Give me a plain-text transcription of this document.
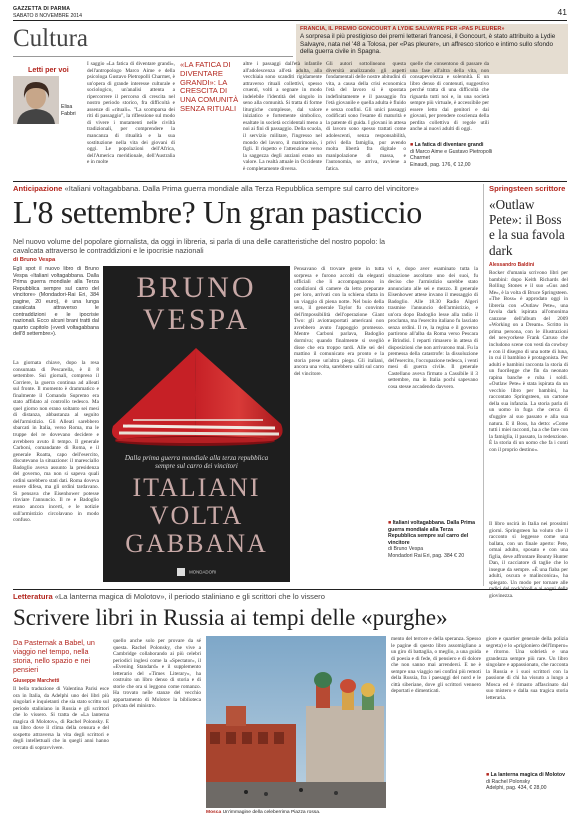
GAZZETTA DI PARMA
SABATO 8 NOVEMBRE 2014	41
Cultura	FRANCIA, IL PREMIO GONCOURT A LYDIE SALVAYRE PER «PAS PLEURER»
A sorpresa il più prestigioso dei premi letterari francesi, il Goncourt, è stato attribuito a Lydie Salvayre, nata nel '48 a Tolosa, per «Pas pleurer», un affresco storico e intimo sullo sfondo della guerra civile in Spagna.
Letti per voi
Elisa Fabbri
I saggio «La fatica di diventare grandi», dell'antropologo Marco Aime e della psicologa Gustavo Pietropolli Charmet, è un'opera di grande interesse culturale e sociologico, un'analisi attenta a ripercorrere il percorso di crescita nel nostro periodo storico, fra difficoltà e assenze di «rituali». "La scomparsa dei riti di passaggio", la riflessione sul modo di vivere i mutamenti nelle civiltà tradizionali, per comprendere la mancanza di ritualità e la sua sostituzione nella vita dei giovani di oggi. Le popolazioni dell'Africa, dell'America meridionale, dell'Australia e in molte
«LA FATICA DI DIVENTARE GRANDI»: LA CRESCITA DI UNA COMUNITÀ SENZA RITUALI
altre i passaggi dall'età infantile all'adolescenza all'età adulta, alla vecchiaia sono scanditi rigidamente attraverso rituali collettivi, spesso cruenti, volti a segnare in modo indelebile l'identità del singolo in seno alla comunità. Si tratta di forme liturgiche complesse, dal valore iniziatico e fortemente simbolico, esaltate in società occidentali meno a noi ai fini di passaggio. Della scuola, il servizio militare, l'ingresso nel mondo del lavoro, il matrimonio, i figli. Il rispetto e l'attenzione verso la saggezza degli anziani erano un valore. La realtà attuale in Occidente è completamente diversa.
Gli autori sottolineano questa diversità analizzando gli aspetti fondamentali delle nostre abitudini di vita, a causa della crisi economica l'età del lavoro si è spostata indefinitamente e il passaggio fra l'età giovanile e quella adulta è fluido e senza confini. Gli unici passaggi codificati sono l'esame di maturità e la patente di guida. I giovani in attesa di lavoro sono spesso trattati come adolescenti, senza responsabilità, privi della famiglia, pur avendo molta libertà fra digitale o manipolazione di massa, e l'autonomia, se arriva, avviene a fatica.
quelle che consentono di passare da una fase all'altra della vita, non consapevolezza e solennità. E un libro denso di contenuti, suggestivo perché tratta di una difficoltà che riguarda tutti noi e, in una società sempre più virtuale, è accessibile per essere letto dai genitori e dai giovani, per prendere coscienza della perdita collettiva di regole utili anche ai nuovi adulti di oggi.
■ La fatica di diventare grandi
di Marco Aime e Gustavo Pietropolli Charmet
Einaudi, pag. 176, € 12,00
Anticipazione «Italiani voltagabbana. Dalla Prima guerra mondiale alla Terza Repubblica sempre sul carro del vincitore»
L'8 settembre? Un gran pasticcio
Nel nuovo volume del popolare giornalista, da oggi in libreria, si parla di una delle caratteristiche del nostro popolo: la cavalcata attraverso le contraddizioni e le ipocrisie nazionali
di Bruno Vespa
Egli spot il nuovo libro di Bruno Vespa «Italiani voltagabbana. Dalla Prima guerra mondiale alla Terza Repubblica sempre sul carro del vincitore» (Mondadori-Rai Eri, 384 pagine, 20 euro), è una lunga cavalcata attraverso le contraddizioni e le ipocrisie nazionali. Ecco alcuni brani tratti dal quarto capitolo («vedi voltagabbana dell'8 settembre»).
La giornata chiave, dopo la resa consumata di Pescarella, è il 8 settembre. Sui giornali, compreso il Corriere, la guerra continua ad alleati sul fronte. Il momento è drammatico e finalmente il Comando Supremo era stato affidato al controllo tedesco. Ma quel giorno non erano soltanto sei mesi di distanza, abbastanza al seguito dell'armistizio. Gli Alleati sarebbero sbarcati in Italia, verso Roma, ma le truppe del re dovevano decidere e avrebbero avuto il tempo. Il generale Carboni, comandante di Roma, e il generale Roatta, capo dell'esercito, discutevano la situazione: il maresciallo Badoglio aveva assunto la presidenza del governo, ma non si sapeva quali ordini sarebbero stati dati. Roma doveva essere difesa, ma gli ordini tardavano. Si pensava che Eisenhower potesse rinviare l'annuncio. Il re e Badoglio erano ancora incerti, e le notizie sull'armistizio circolavano in modo confuso.
BRUNO
VESPA
Dalla prima guerra mondiale alla terza repubblica sempre sul carro dei vincitori
ITALIANI
VOLTA
GABBANA
MONDADORI
Pensavano di trovare gente in tutta sorpresa e furono accolti da eleganti ufficiali che li accompagnarono in condizioni di camere da letto preparate per loro, arrivati con la schiena sfatta in un viaggio di piena notte. Nel buio della sera, il generale Taylor fu convinto dell'impossibilità dell'operazione Giant Two: gli aviotrasportati americani non avrebbero avuto l'appoggio promesso. Mentre Carboni parlava, Badoglio dormiva; quando finalmente si svegliò disse che era troppo tardi. Alle sei del mattino il comunicato era pronto e la storia prese un'altra piega. Gli italiani, ancora una volta, sarebbero saliti sul carro del vincitore.
vi e, dopo aver esaminato tutta la situazione ascoltato uno dei suoi, fu deciso che l'armistizio sarebbe stato annunciato alle sei e mezzo. Il generale Eisenhower attese invano il messaggio di Badoglio. Alle 18.30 Radio Algeri trasmise l'annuncio dell'armistizio, e un'ora dopo Badoglio lesse alla radio il proclama, ma l'esercito italiano fu lasciato senza ordini. Il re, la regina e il governo partirono all'alba da Roma verso Pescara e Brindisi. I reparti rimasero in attesa di disposizioni che non arrivarono mai. Fu la premessa della catastrofe: la dissoluzione dell'esercito, l'occupazione tedesca, i venti mesi di guerra civile. Il generale Castellano aveva firmato a Cassibile il 3 settembre, ma in Italia pochi sapevano cosa stesse accadendo davvero.
■ Italiani voltagabbana. Dalla Prima guerra mondiale alla Terza Repubblica sempre sul carro del vincitore
di Bruno Vespa
Mondadori Rai Eri, pag. 384 € 20
Springsteen scrittore
«Outlaw Pete»: il Boss e la sua favola dark
Alessandro Baldini
Rocker d'umania scrivono libri per bambini: dopo Keith Richards del Rolling Stones e il suo «Gus and Me», è la volta di Bruce Springsteen. «The Boss» è approdato oggi in libreria con «Outlaw Pete», una favola dark ispirata all'omonima canzone dell'album del 2009 «Working on a Dream». Scritto in prima persona, con le illustrazioni del newyorkese Frank Caruso che includono scene con vesti da cowboy e con il disegno di una notte di luna, in cui il bambino è protagonista. Per adulti e bambini racconta la storia di un fuorilegge che fin da neonato rapina banche e ruba i soldi. «Outlaw Pete» è stata ispirata da un vecchio libro per bambini, ha raccontato Springsteen, un cartone della sua infanzia. La storia parla di un uomo in fuga che cerca di sfuggire al suo passato e alla sua natura. E il Boss, ha detto: «Come tutti i miei racconti, ha a che fare con la famiglia, il passato, la redenzione. È la storia di un uomo che fa i conti con il proprio destino».
Il libro uscirà in Italia nei prossimi giorni. Springsteen ha voluto che il racconto si leggesse come una ballata, con un finale aperto: Pete, ormai adulto, sposato e con una figlia, deve affrontare Bounty Hunter Dan, il cacciatore di taglie che lo insegue da sempre. «È una fiaba per adulti, oscura e malinconica», ha spiegato. Un modo per tornare alle radici del rock'n'roll e ai sogni della giovinezza.
Letteratura «La lanterna magica di Molotov», il periodo staliniano e gli scrittori che lo vissero
Scrivere libri in Russia ai tempi delle «purghe»
Da Pasternak a Babel, un viaggio nel tempo, nella storia, nello spazio e nei pensieri
Giuseppe Marchetti
Il bella traduzione di Valentina Parisi esce ora in Italia, da Adelphi uno dei libri più singolari e inquietanti che sia stato scritto sul periodo staliniano in Russia e gli scrittori che lo vissero. Si tratta de «La lanterna magica di Molotov», di Rachel Polonsky. E un libro dove il clima della censura e del sospetto attraversa la vita degli scrittori e degli intellettuali che in quegli anni hanno cercato di sopravvivere.
quello anche solo per provare da sé questa. Rachel Polonsky, che vive a Cambridge collaborando ai più celebri periodici inglesi come la «Spectator», il «Evening Standard» e il supplemento letterario del «Times Literary», ha costruito un libro denso di storia e di storie che ora si leggono come romanzo. Ha trovato nelle stanze del vecchio appartamento di Molotov la biblioteca privata del ministro.
Mosca Un'immagine della celeberrima Piazza rossa.
mento del terrore e della speranza. Spesso le pagine di questo libro assomigliano a un giro di battaglia, o meglio, a una guida di poesia e di fede, di pensiero e di dolore che non sanno mai arrendersi. E ne è sempre una viaggio nei confini più remoti della Russia, fra i paesaggi del nord e le città siberiane, dove gli scrittori vennero deportati e dimenticati.
giore e quartier generale della polizia segreta) e lo «prigioniero dell'Impero» e ritorno. Una sobrietà e una grandezza sempre più rare. Un libro singolare e appassionato, che racconta la Russia e i suoi scrittori con la passione di chi ha vissuto a lungo a Mosca ed è rimasto affascinato dal suo mistero e dalla sua tragica storia letteraria.
■ La lanterna magica di Molotov
di Rachel Polonsky
Adelphi, pag. 434, € 28,00
